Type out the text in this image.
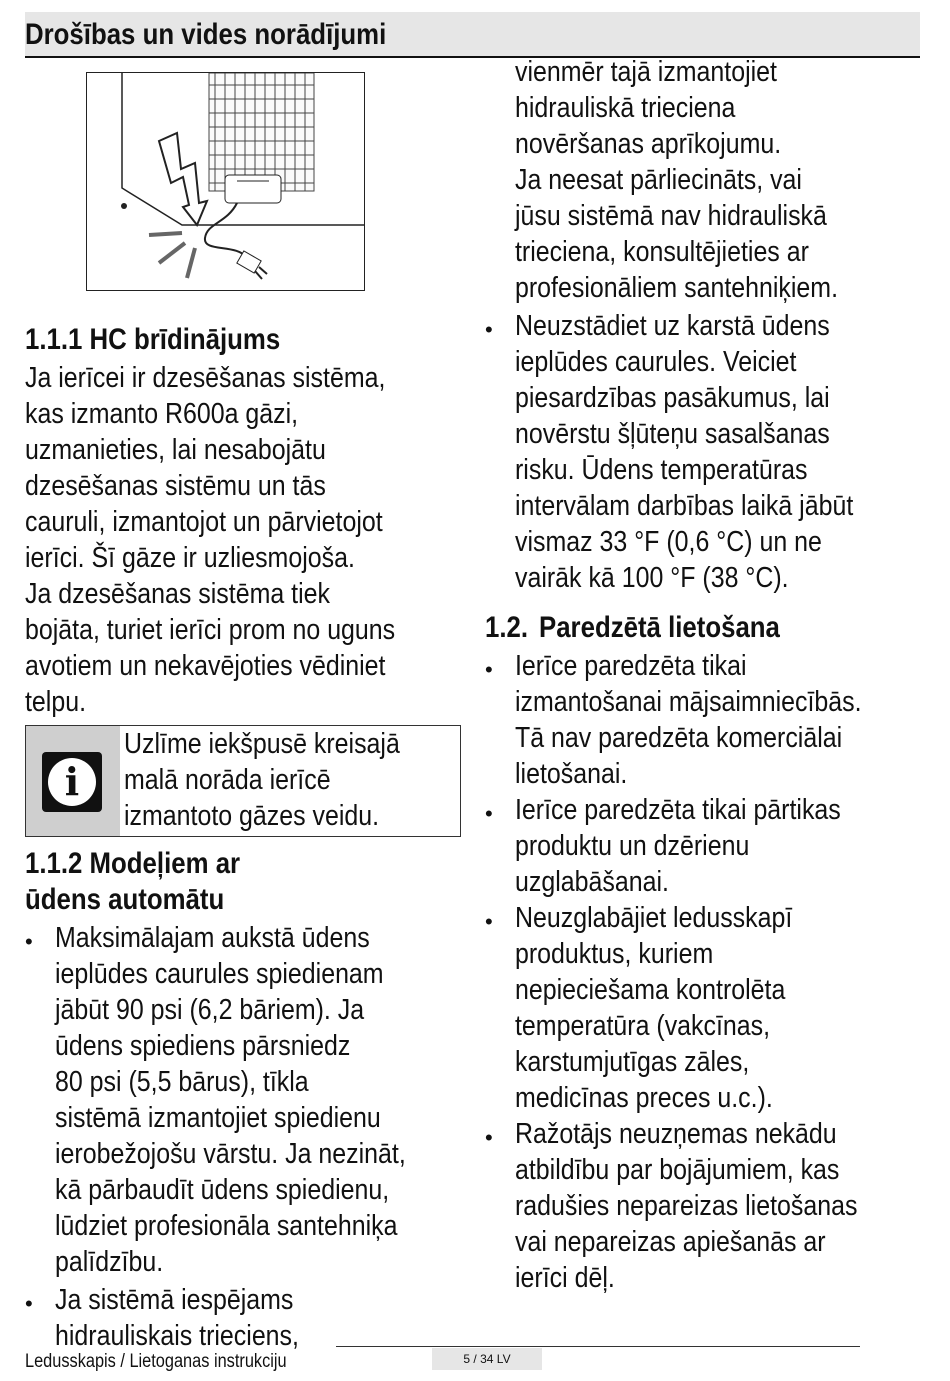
Drošības un vides norādījumi
1.1.1 HC brīdinājums
Ja ierīcei ir dzesēšanas sistēma,
kas izmanto R600a gāzi,
uzmanieties, lai nesabojātu
dzesēšanas sistēmu un tās
cauruli, izmantojot un pārvietojot
ierīci. Šī gāze ir uzliesmojoša.
Ja dzesēšanas sistēma tiek
bojāta, turiet ierīci prom no uguns
avotiem un nekavējoties vēdiniet
telpu.
1.1.2 Modeļiem ar
ūdens automātu
• Maksimālajam aukstā ūdens
ieplūdes caurules spiedienam
jābūt 90 psi (6,2 bāriem). Ja
ūdens spiediens pārsniedz
80 psi (5,5 bārus), tīkla
sistēmā izmantojiet spiedienu
ierobežojošu vārstu. Ja nezināt,
kā pārbaudīt ūdens spiedienu,
lūdziet profesionāla santehniķa
palīdzību.
• Ja sistēmā iespējams
hidrauliskais trieciens,
i
Uzlīme iekšpusē kreisajā
malā norāda ierīcē
izmantoto gāzes veidu.
vienmēr tajā izmantojiet
hidrauliskā trieciena
novēršanas aprīkojumu.
Ja neesat pārliecināts, vai
jūsu sistēmā nav hidrauliskā
trieciena, konsultējieties ar
profesionāliem santehniķiem.
• Neuzstādiet uz karstā ūdens
ieplūdes caurules. Veiciet
piesardzības pasākumus, lai
novērstu šļūteņu sasalšanas
risku. Ūdens temperatūras
intervālam darbības laikā jābūt
vismaz 33 °F (0,6 °C) un ne
vairāk kā 100 °F (38 °C).
1.2. Paredzētā lietošana
• Ierīce paredzēta tikai
izmantošanai mājsaimniecībās.
Tā nav paredzēta komerciālai
lietošanai.
• Ierīce paredzēta tikai pārtikas
produktu un dzērienu
uzglabāšanai.
• Neuzglabājiet ledusskapī
produktus, kuriem
nepieciešama kontrolēta
temperatūra (vakcīnas,
karstumjutīgas zāles,
medicīnas preces u.c.).
• Ražotājs neuzņemas nekādu
atbildību par bojājumiem, kas
radušies nepareizas lietošanas
vai nepareizas apiešanās ar
ierīci dēļ.
Ledusskapis / Lietoganas instrukciju	5 / 34 LV
